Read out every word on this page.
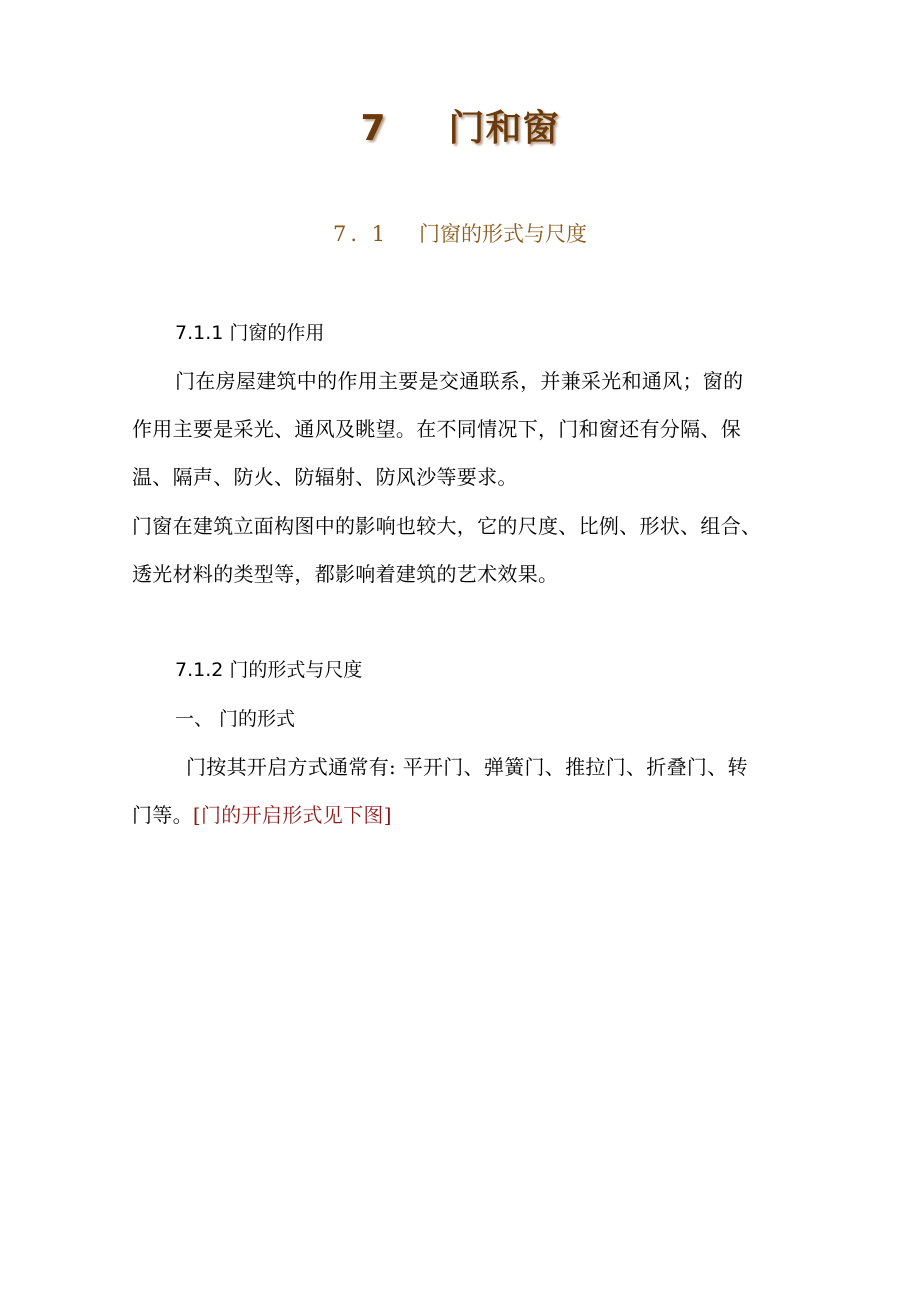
7 门和窗
7. 1 门窗的形式与尺度
7.1.1 门窗的作用
门在房屋建筑中的作用主要是交通联系，并兼采光和通风；窗的
作用主要是采光、通风及眺望。在不同情况下，门和窗还有分隔、保
温、隔声、防火、防辐射、防风沙等要求。
门窗在建筑立面构图中的影响也较大，它的尺度、比例、形状、组合、
透光材料的类型等，都影响着建筑的艺术效果。
7.1.2 门的形式与尺度
一、 门的形式
门按其开启方式通常有: 平开门、弹簧门、推拉门、折叠门、转
门等。[门的开启形式见下图]
